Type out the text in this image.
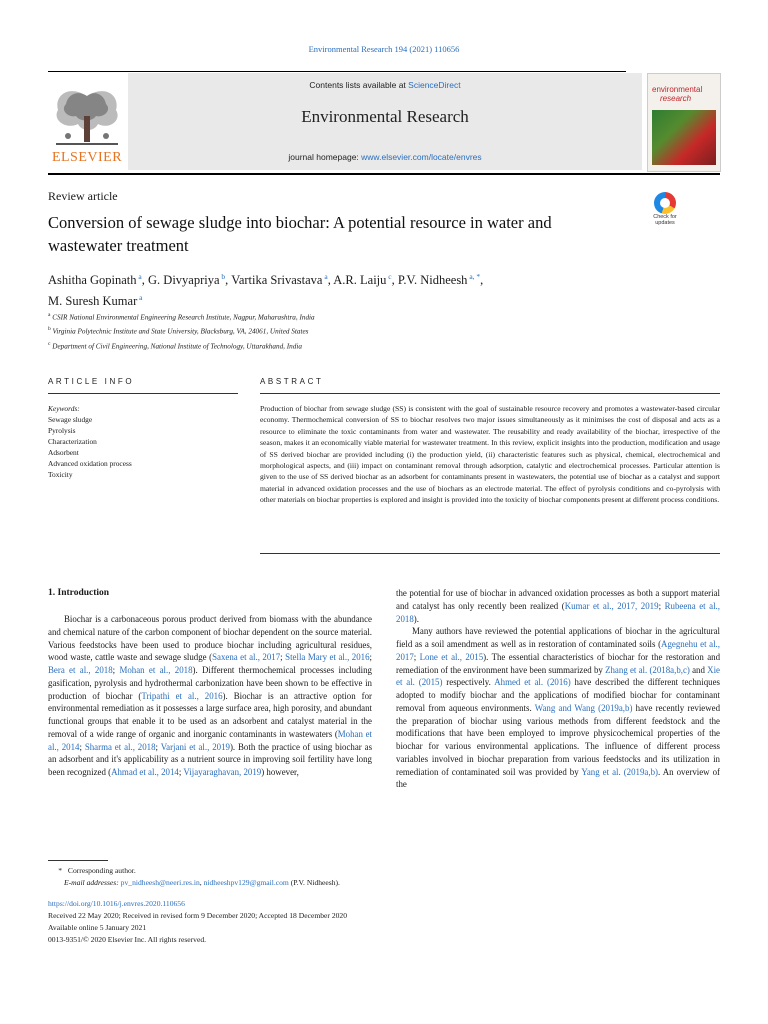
Environmental Research 194 (2021) 110656
ELSEVIER
Contents lists available at ScienceDirect
Environmental Research
journal homepage: www.elsevier.com/locate/envres
environmental
research
Review article
Conversion of sewage sludge into biochar: A potential resource in water and wastewater treatment
Check for updates
Ashitha Gopinath $^a$, G. Divyapriya $^b$, Vartika Srivastava $^a$, A.R. Laiju $^c$, P.V. Nidheesh $^{a, *}$,
M. Suresh Kumar $^a$
$^a$ CSIR National Environmental Engineering Research Institute, Nagpur, Maharashtra, India
$^b$ Virginia Polytechnic Institute and State University, Blacksburg, VA, 24061, United States
$^c$ Department of Civil Engineering, National Institute of Technology, Uttarakhand, India
ARTICLE INFO	ABSTRACT
Keywords:
Sewage sludge
Pyrolysis
Characterization
Adsorbent
Advanced oxidation process
Toxicity
Production of biochar from sewage sludge (SS) is consistent with the goal of sustainable resource recovery and promotes a wastewater-based circular economy. Thermochemical conversion of SS to biochar resolves two major issues simultaneously as it minimises the cost of disposal and acts as a resource to eliminate the toxic contaminants from water and wastewater. The reusability and ready availability of the biochar, irrespective of the season, makes it an economically viable material for wastewater treatment. In this review, explicit insights into the production, modification and usage of SS derived biochar are provided including (i) the production yield, (ii) characteristic features such as physical, chemical, electrochemical and morphological aspects, and (iii) impact on contaminant removal through adsorption, catalytic and electrochemical processes. Particular attention is given to the use of SS derived biochar as an adsorbent for contaminants present in wastewaters, the potential use of biochar as a catalyst and support material in advanced oxidation processes and the use of biochars as an electrode material. The effect of pyrolysis conditions and co-pyrolysis with other materials on biochar properties is explored and insight is provided into the toxicity of biochar components present at different process conditions.
1. Introduction

Biochar is a carbonaceous porous product derived from biomass with the abundance and chemical nature of the carbon component of biochar dependent on the source material. Various feedstocks have been used to produce biochar including agricultural residues, wood waste, cattle waste and sewage sludge (Saxena et al., 2017; Stella Mary et al., 2016; Bera et al., 2018; Mohan et al., 2018). Different thermochemical processes including gasification, pyrolysis and hydrothermal carbonization have been shown to be effective in production of biochar (Tripathi et al., 2016). Biochar is an attractive option for environmental remediation as it possesses a large surface area, high porosity, and abundant functional groups that enable it to be used as an adsorbent and catalyst material in the removal of a wide range of organic and inorganic contaminants in wastewaters (Mohan et al., 2014; Sharma et al., 2018; Varjani et al., 2019). Both the practice of using biochar as an adsorbent and it's applicability as a nutrient source in improving soil fertility have long been recognized (Ahmad et al., 2014; Vijayaraghavan, 2019) however,

the potential for use of biochar in advanced oxidation processes as both a support material and catalyst has only recently been realized (Kumar et al., 2017, 2019; Rubeena et al., 2018).

Many authors have reviewed the potential applications of biochar in the agricultural field as a soil amendment as well as in restoration of contaminated soils (Agegnehu et al., 2017; Lone et al., 2015). The essential characteristics of biochar for the restoration and remediation of the environment have been summarized by Zhang et al. (2018a,b,c) and Xie et al. (2015) respectively. Ahmed et al. (2016) have described the different techniques adopted to modify biochar and the applications of modified biochar for contaminant removal from aqueous environments. Wang and Wang (2019a,b) have recently reviewed the preparation of biochar using various methods from different feedstock and the modifications that have been employed to improve physicochemical properties of the biochar for various environmental applications. The influence of different process variables involved in biochar preparation from various feedstocks and its utilization in remediation of contaminated soil was provided by Yang et al. (2019a,b). An overview of the

* Corresponding author.
E-mail addresses: pv_nidheesh@neeri.res.in, nidheeshpv129@gmail.com (P.V. Nidheesh).
https://doi.org/10.1016/j.envres.2020.110656
Received 22 May 2020; Received in revised form 9 December 2020; Accepted 18 December 2020
Available online 5 January 2021
0013-9351/© 2020 Elsevier Inc. All rights reserved.
